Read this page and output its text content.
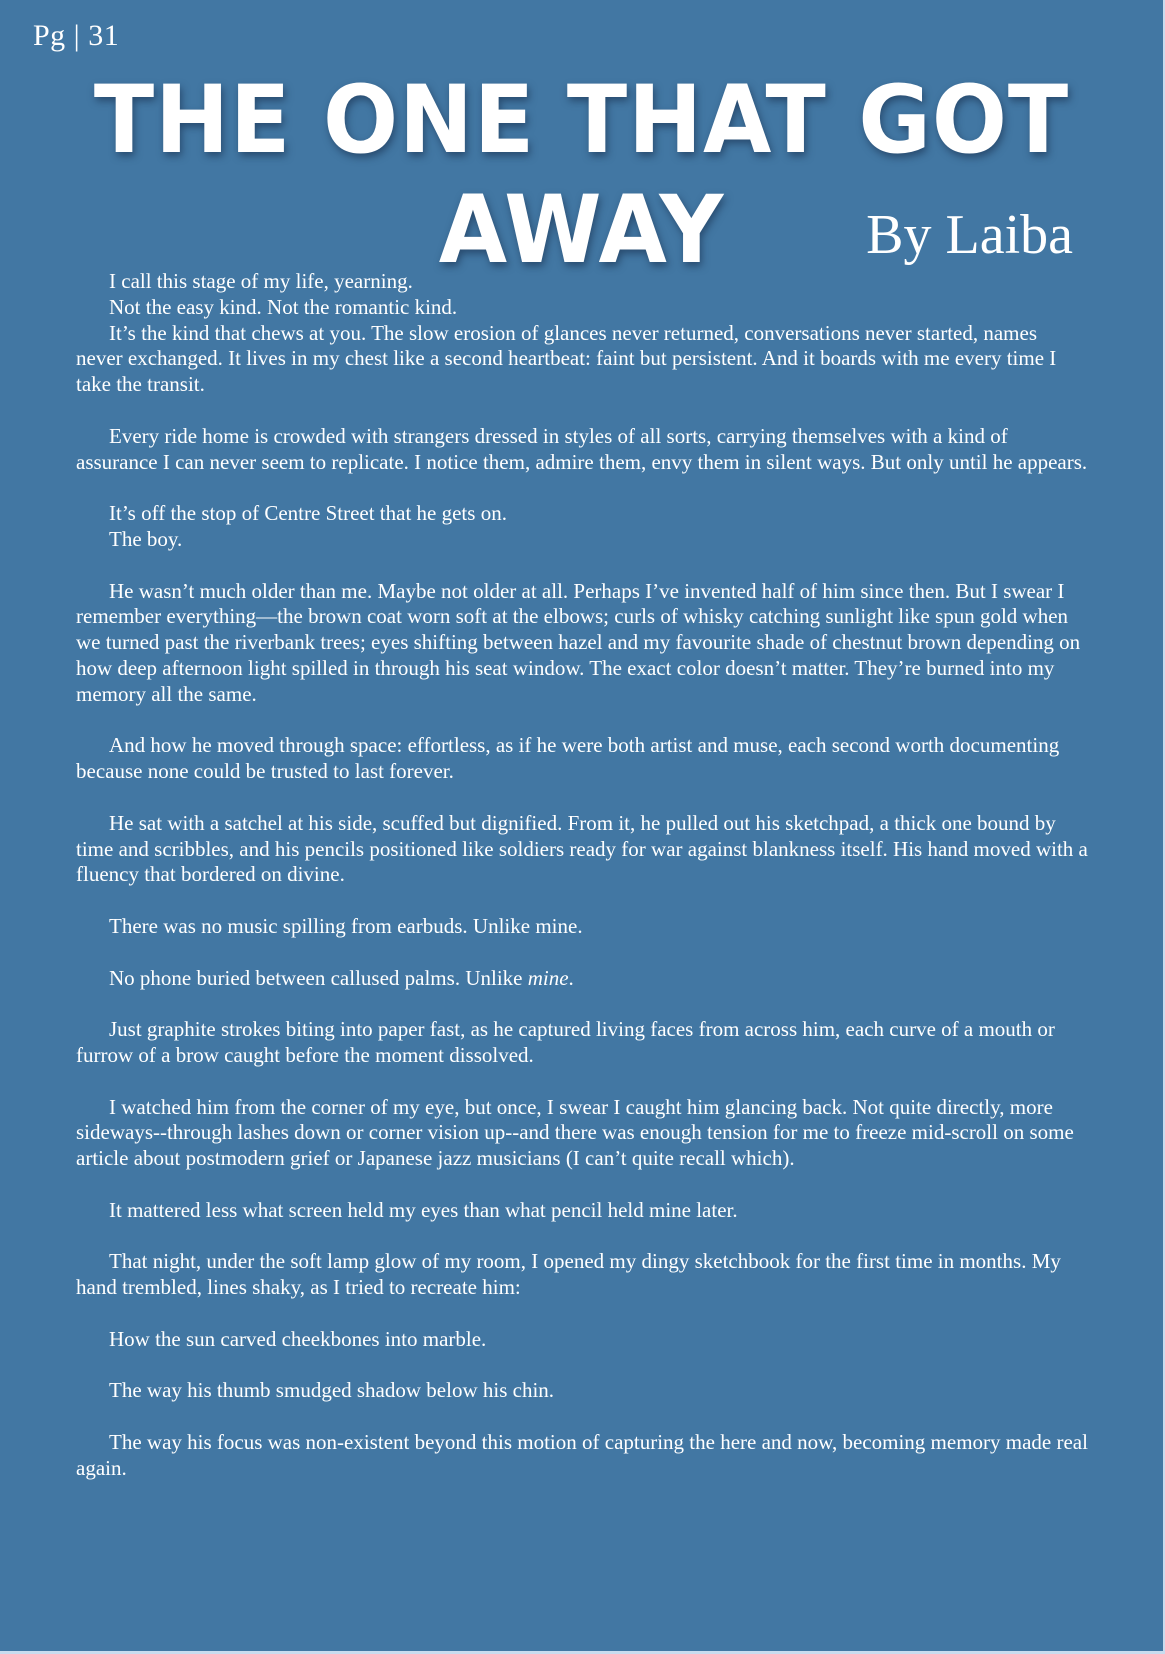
Pg | 31
THE ONE THAT GOT AWAY	By Laiba

I call this stage of my life, yearning.

Not the easy kind. Not the romantic kind.

It’s the kind that chews at you. The slow erosion of glances never returned, conversations never started, names never exchanged. It lives in my chest like a second heartbeat: faint but persistent. And it boards with me every time I take the transit.

Every ride home is crowded with strangers dressed in styles of all sorts, carrying themselves with a kind of assurance I can never seem to replicate. I notice them, admire them, envy them in silent ways. But only until he appears.

It’s off the stop of Centre Street that he gets on.

The boy.

He wasn’t much older than me. Maybe not older at all. Perhaps I’ve invented half of him since then. But I swear I remember everything—the brown coat worn soft at the elbows; curls of whisky catching sunlight like spun gold when we turned past the riverbank trees; eyes shifting between hazel and my favourite shade of chestnut brown depending on how deep afternoon light spilled in through his seat window. The exact color doesn’t matter. They’re burned into my memory all the same.

And how he moved through space: effortless, as if he were both artist and muse, each second worth documenting because none could be trusted to last forever.

He sat with a satchel at his side, scuffed but dignified. From it, he pulled out his sketchpad, a thick one bound by time and scribbles, and his pencils positioned like soldiers ready for war against blankness itself. His hand moved with a fluency that bordered on divine.

There was no music spilling from earbuds. Unlike mine.

No phone buried between callused palms. Unlike mine.

Just graphite strokes biting into paper fast, as he captured living faces from across him, each curve of a mouth or furrow of a brow caught before the moment dissolved.

I watched him from the corner of my eye, but once, I swear I caught him glancing back. Not quite directly, more sideways--through lashes down or corner vision up--and there was enough tension for me to freeze mid-scroll on some article about postmodern grief or Japanese jazz musicians (I can’t quite recall which).

It mattered less what screen held my eyes than what pencil held mine later.

That night, under the soft lamp glow of my room, I opened my dingy sketchbook for the first time in months. My hand trembled, lines shaky, as I tried to recreate him:

How the sun carved cheekbones into marble.

The way his thumb smudged shadow below his chin.

The way his focus was non-existent beyond this motion of capturing the here and now, becoming memory made real again.
